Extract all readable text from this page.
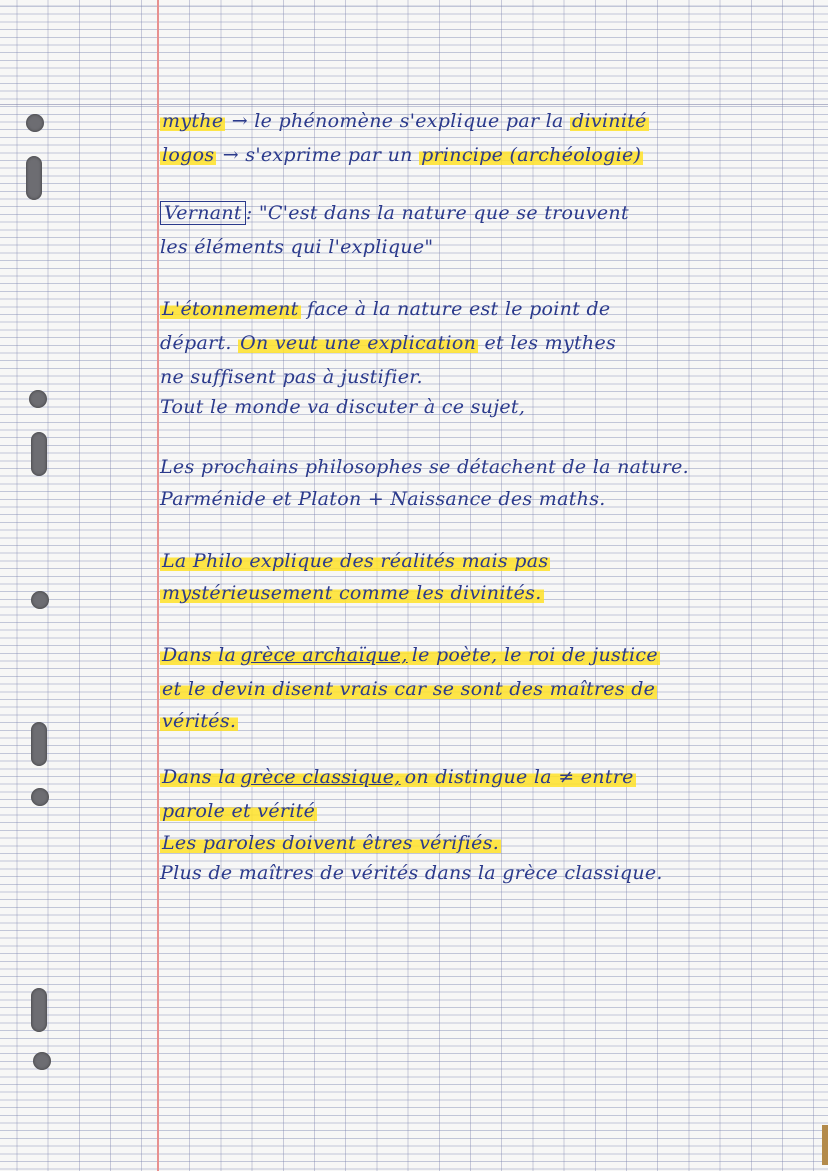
mythe → le phénomène s'explique par la divinité
logos → s'exprime par un principe (archéologie)
Vernant : "C'est dans la nature que se trouvent
les éléments qui l'explique"
L'étonnement face à la nature est le point de
départ. On veut une explication et les mythes
ne suffisent pas à justifier.
Tout le monde va discuter à ce sujet,
Les prochains philosophes se détachent de la nature.
Parménide et Platon + Naissance des maths.
La Philo explique des réalités mais pas
mystérieusement comme les divinités.
Dans la grèce archaïque, le poète, le roi de justice
et le devin disent vrais car se sont des maîtres de
vérités.
Dans la grèce classique, on distingue la ≠ entre
parole et vérité
Les paroles doivent êtres vérifiés.
Plus de maîtres de vérités dans la grèce classique.
